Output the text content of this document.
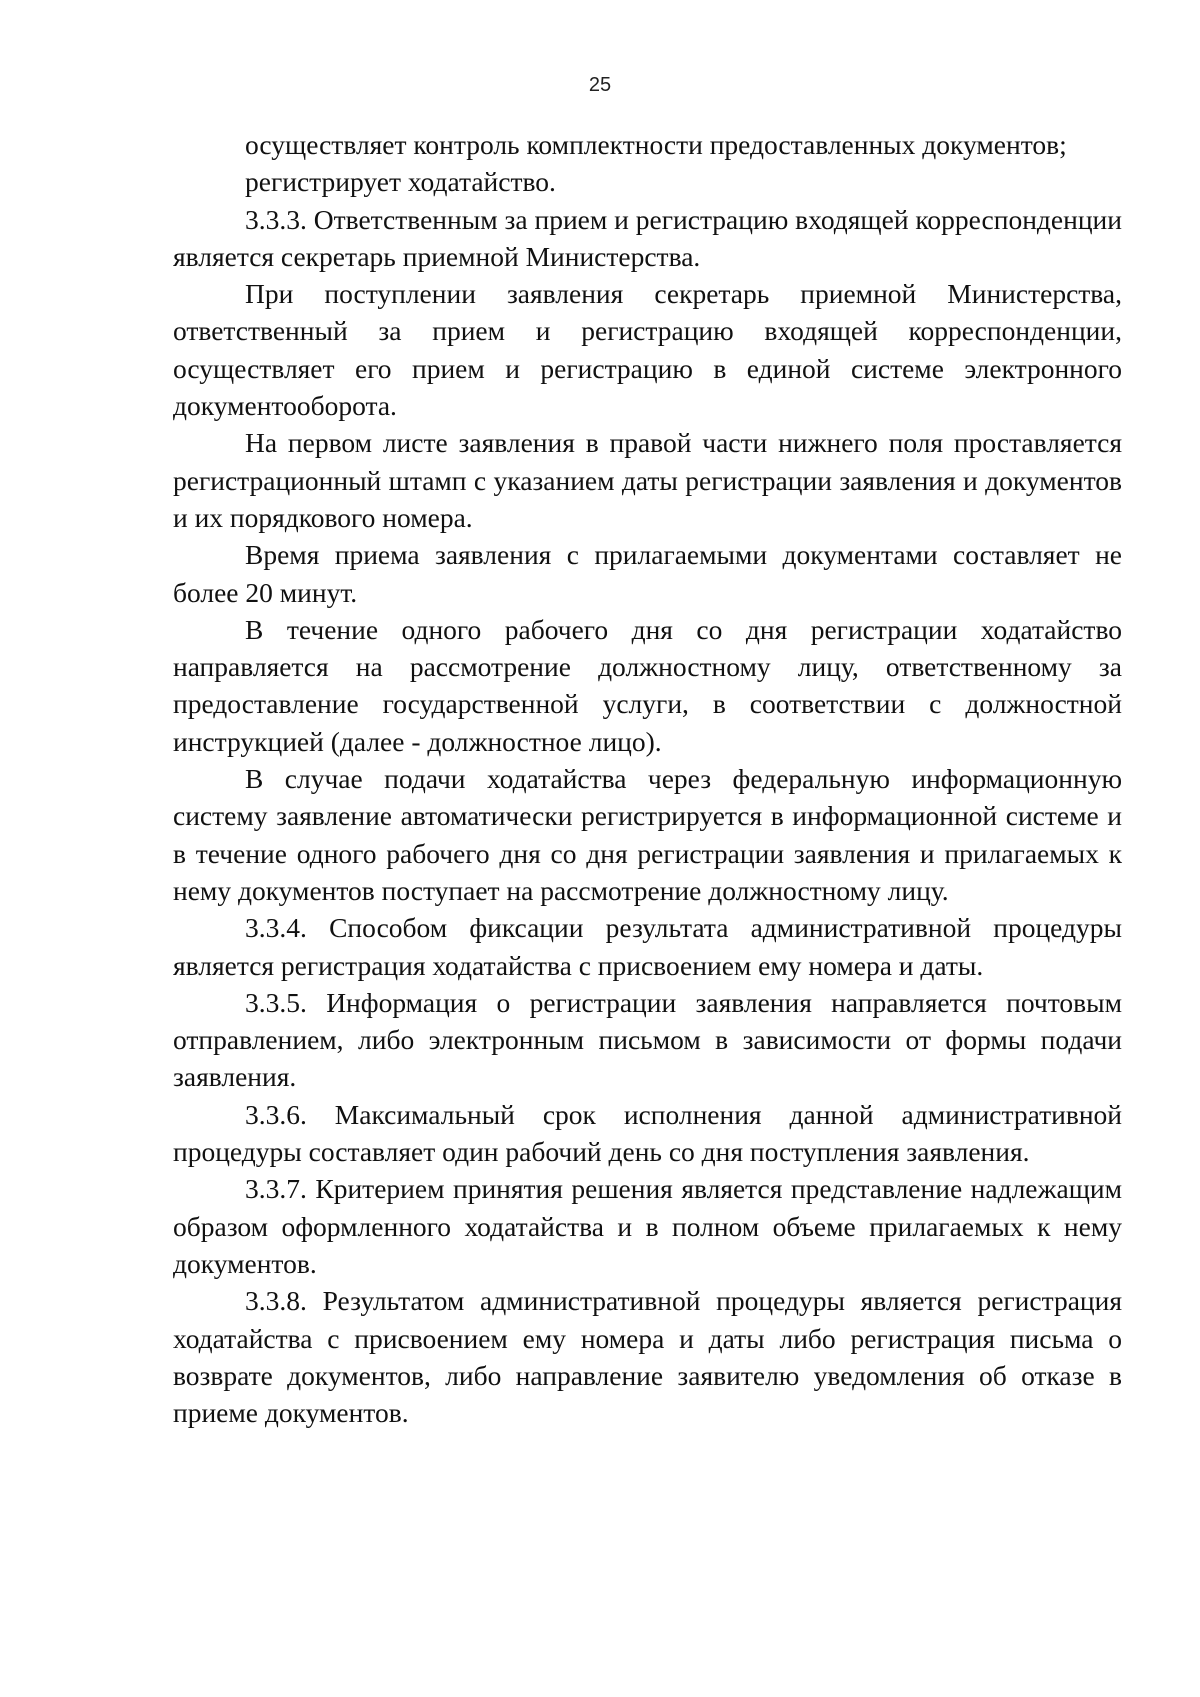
25

осуществляет контроль комплектности предоставленных документов;

регистрирует ходатайство.

3.3.3. Ответственным за прием и регистрацию входящей корреспонденции является секретарь приемной Министерства.

При поступлении заявления секретарь приемной Министерства, ответственный за прием и регистрацию входящей корреспонденции, осуществляет его прием и регистрацию в единой системе электронного документооборота.

На первом листе заявления в правой части нижнего поля проставляется регистрационный штамп с указанием даты регистрации заявления и документов и их порядкового номера.

Время приема заявления с прилагаемыми документами составляет не более 20 минут.

В течение одного рабочего дня со дня регистрации ходатайство направляется на рассмотрение должностному лицу, ответственному за предоставление государственной услуги, в соответствии с должностной инструкцией (далее - должностное лицо).

В случае подачи ходатайства через федеральную информационную систему заявление автоматически регистрируется в информационной системе и в течение одного рабочего дня со дня регистрации заявления и прилагаемых к нему документов поступает на рассмотрение должностному лицу.

3.3.4. Способом фиксации результата административной процедуры является регистрация ходатайства с присвоением ему номера и даты.

3.3.5. Информация о регистрации заявления направляется почтовым отправлением, либо электронным письмом в зависимости от формы подачи заявления.

3.3.6. Максимальный срок исполнения данной административной процедуры составляет один рабочий день со дня поступления заявления.

3.3.7. Критерием принятия решения является представление надлежащим образом оформленного ходатайства и в полном объеме прилагаемых к нему документов.

3.3.8. Результатом административной процедуры является регистрация ходатайства с присвоением ему номера и даты либо регистрация письма о возврате документов, либо направление заявителю уведомления об отказе в приеме документов.
